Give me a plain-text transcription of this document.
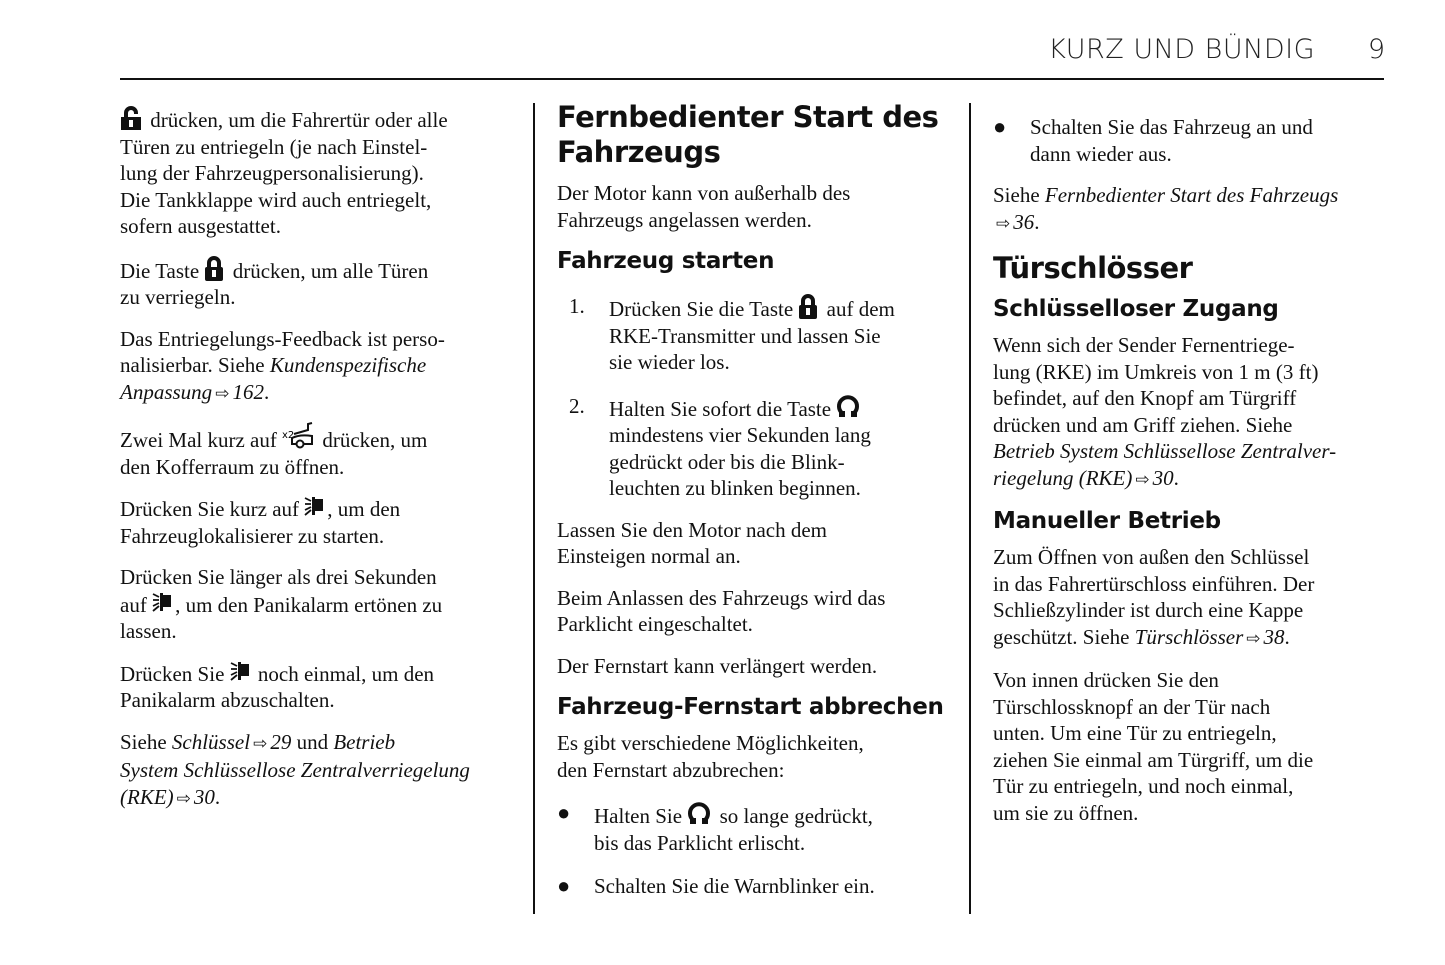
KURZ UND BÜNDIG 9
drücken, um die Fahrertür oder alle
Türen zu entriegeln (je nach Einstel-
lung der Fahrzeugpersonalisierung).
Die Tankklappe wird auch entriegelt,
sofern ausgestattet.
Die Taste
drücken, um alle Türen
zu verriegeln.
Das Entriegelungs-Feedback ist perso-
nalisierbar. Siehe Kundenspezifische
Anpassung ⇨ 162.
Zwei Mal kurz auf x2 drücken, um
den Kofferraum zu öffnen.
Drücken Sie kurz auf
, um den
Fahrzeuglokalisierer zu starten.
Drücken Sie länger als drei Sekunden
auf
, um den Panikalarm ertönen zu
lassen.
Drücken Sie
noch einmal, um den
Panikalarm abzuschalten.
Siehe Schlüssel ⇨ 29 und Betrieb
System Schlüssellose Zentralverriegelung
(RKE) ⇨ 30.
Fernbedienter Start des
Fahrzeugs
Der Motor kann von außerhalb des
Fahrzeugs angelassen werden.
Fahrzeug starten
1. Drücken Sie die Taste
auf dem
RKE-Transmitter und lassen Sie
sie wieder los.
2. Halten Sie sofort die Taste
mindestens vier Sekunden lang
gedrückt oder bis die Blink-
leuchten zu blinken beginnen.
Lassen Sie den Motor nach dem
Einsteigen normal an.
Beim Anlassen des Fahrzeugs wird das
Parklicht eingeschaltet.
Der Fernstart kann verlängert werden.
Fahrzeug-Fernstart abbrechen
Es gibt verschiedene Möglichkeiten,
den Fernstart abzubrechen:
● Halten Sie
so lange gedrückt,
bis das Parklicht erlischt.
● Schalten Sie die Warnblinker ein.
● Schalten Sie das Fahrzeug an und
dann wieder aus.
Siehe Fernbedienter Start des Fahrzeugs
⇨ 36.
Türschlösser
Schlüsselloser Zugang
Wenn sich der Sender Fernentriege-
lung (RKE) im Umkreis von 1 m (3 ft)
befindet, auf den Knopf am Türgriff
drücken und am Griff ziehen. Siehe
Betrieb System Schlüssellose Zentralver-
riegelung (RKE) ⇨ 30.
Manueller Betrieb
Zum Öffnen von außen den Schlüssel
in das Fahrertürschloss einführen. Der
Schließzylinder ist durch eine Kappe
geschützt. Siehe Türschlösser ⇨ 38.
Von innen drücken Sie den
Türschlossknopf an der Tür nach
unten. Um eine Tür zu entriegeln,
ziehen Sie einmal am Türgriff, um die
Tür zu entriegeln, und noch einmal,
um sie zu öffnen.
